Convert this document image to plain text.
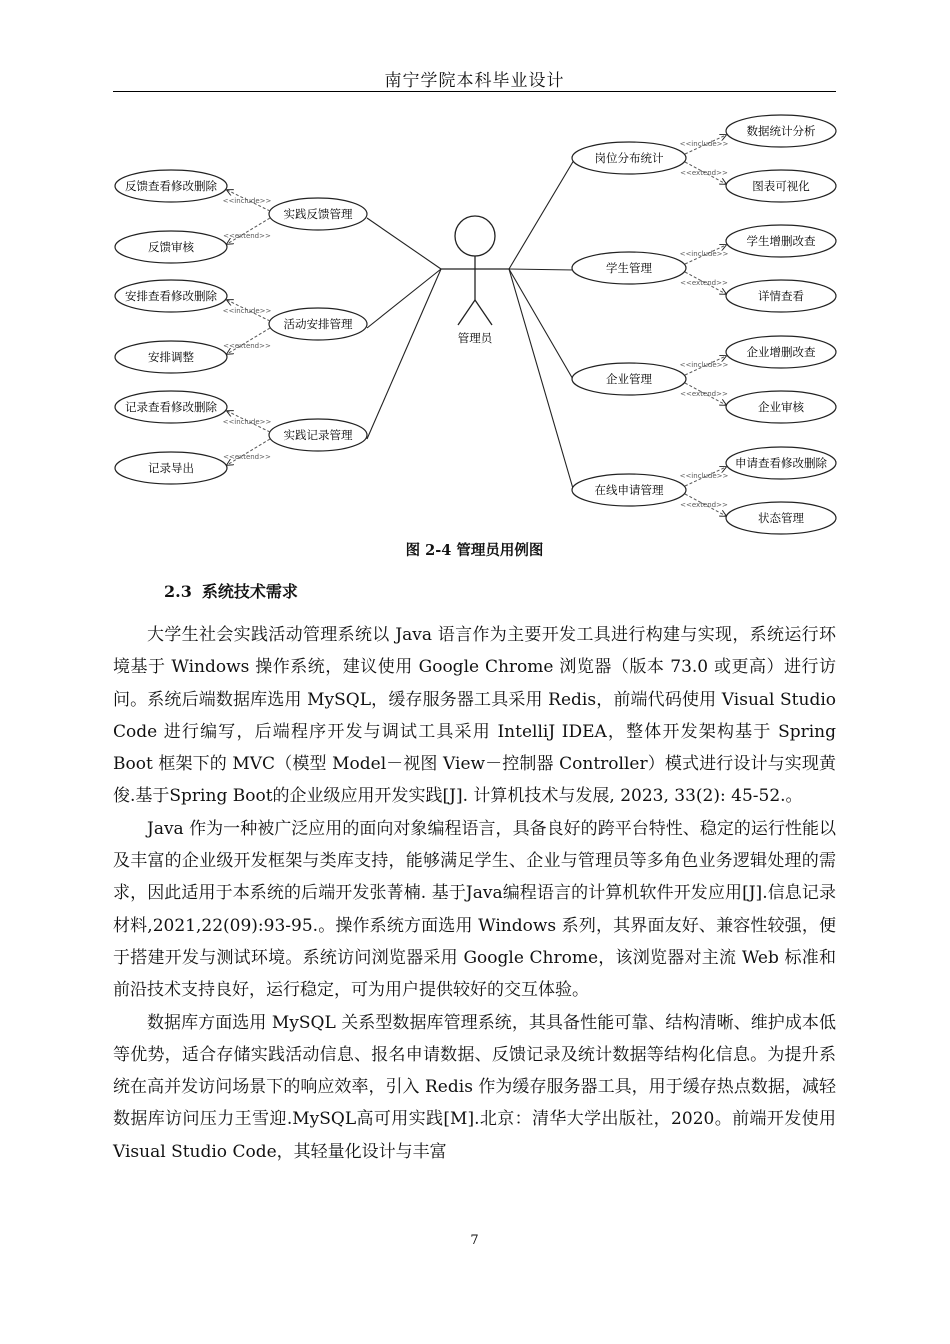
南宁学院本科毕业设计
管理员
实践反馈管理
反馈查看修改删除
反馈审核
<<include>>
<<extend>>
活动安排管理
安排查看修改删除
安排调整
<<include>>
<<extend>>
实践记录管理
记录查看修改删除
记录导出
<<include>>
<<extend>>
岗位分布统计
数据统计分析
图表可视化
<<include>>
<<extend>>
学生管理
学生增删改查
详情查看
<<include>>
<<extend>>
企业管理
企业增删改查
企业审核
<<include>>
<<extend>>
在线申请管理
申请查看修改删除
状态管理
<<include>>
<<extend>>
图 2-4 管理员用例图
2.3 系统技术需求

大学生社会实践活动管理系统以 Java 语言作为主要开发工具进行构建与实现，系统运行环境基于 Windows 操作系统，建议使用 Google Chrome 浏览器（版本 73.0 或更高）进行访问。系统后端数据库选用 MySQL，缓存服务器工具采用 Redis，前端代码使用 Visual Studio Code 进行编写，后端程序开发与调试工具采用 IntelliJ IDEA，整体开发架构基于 Spring Boot 框架下的 MVC（模型 Model－视图 View－控制器 Controller）模式进行设计与实现黄俊.基于Spring Boot的企业级应用开发实践[J]. 计算机技术与发展, 2023, 33(2): 45-52.。

Java 作为一种被广泛应用的面向对象编程语言，具备良好的跨平台特性、稳定的运行性能以及丰富的企业级开发框架与类库支持，能够满足学生、企业与管理员等多角色业务逻辑处理的需求，因此适用于本系统的后端开发张菁楠. 基于Java编程语言的计算机软件开发应用[J].信息记录材料,2021,22(09):93-95.。操作系统方面选用 Windows 系列，其界面友好、兼容性较强，便于搭建开发与测试环境。系统访问浏览器采用 Google Chrome，该浏览器对主流 Web 标准和前沿技术支持良好，运行稳定，可为用户提供较好的交互体验。

数据库方面选用 MySQL 关系型数据库管理系统，其具备性能可靠、结构清晰、维护成本低等优势，适合存储实践活动信息、报名申请数据、反馈记录及统计数据等结构化信息。为提升系统在高并发访问场景下的响应效率，引入 Redis 作为缓存服务器工具，用于缓存热点数据，减轻数据库访问压力王雪迎.MySQL高可用实践[M].北京：清华大学出版社，2020。前端开发使用 Visual Studio Code，其轻量化设计与丰富

7
